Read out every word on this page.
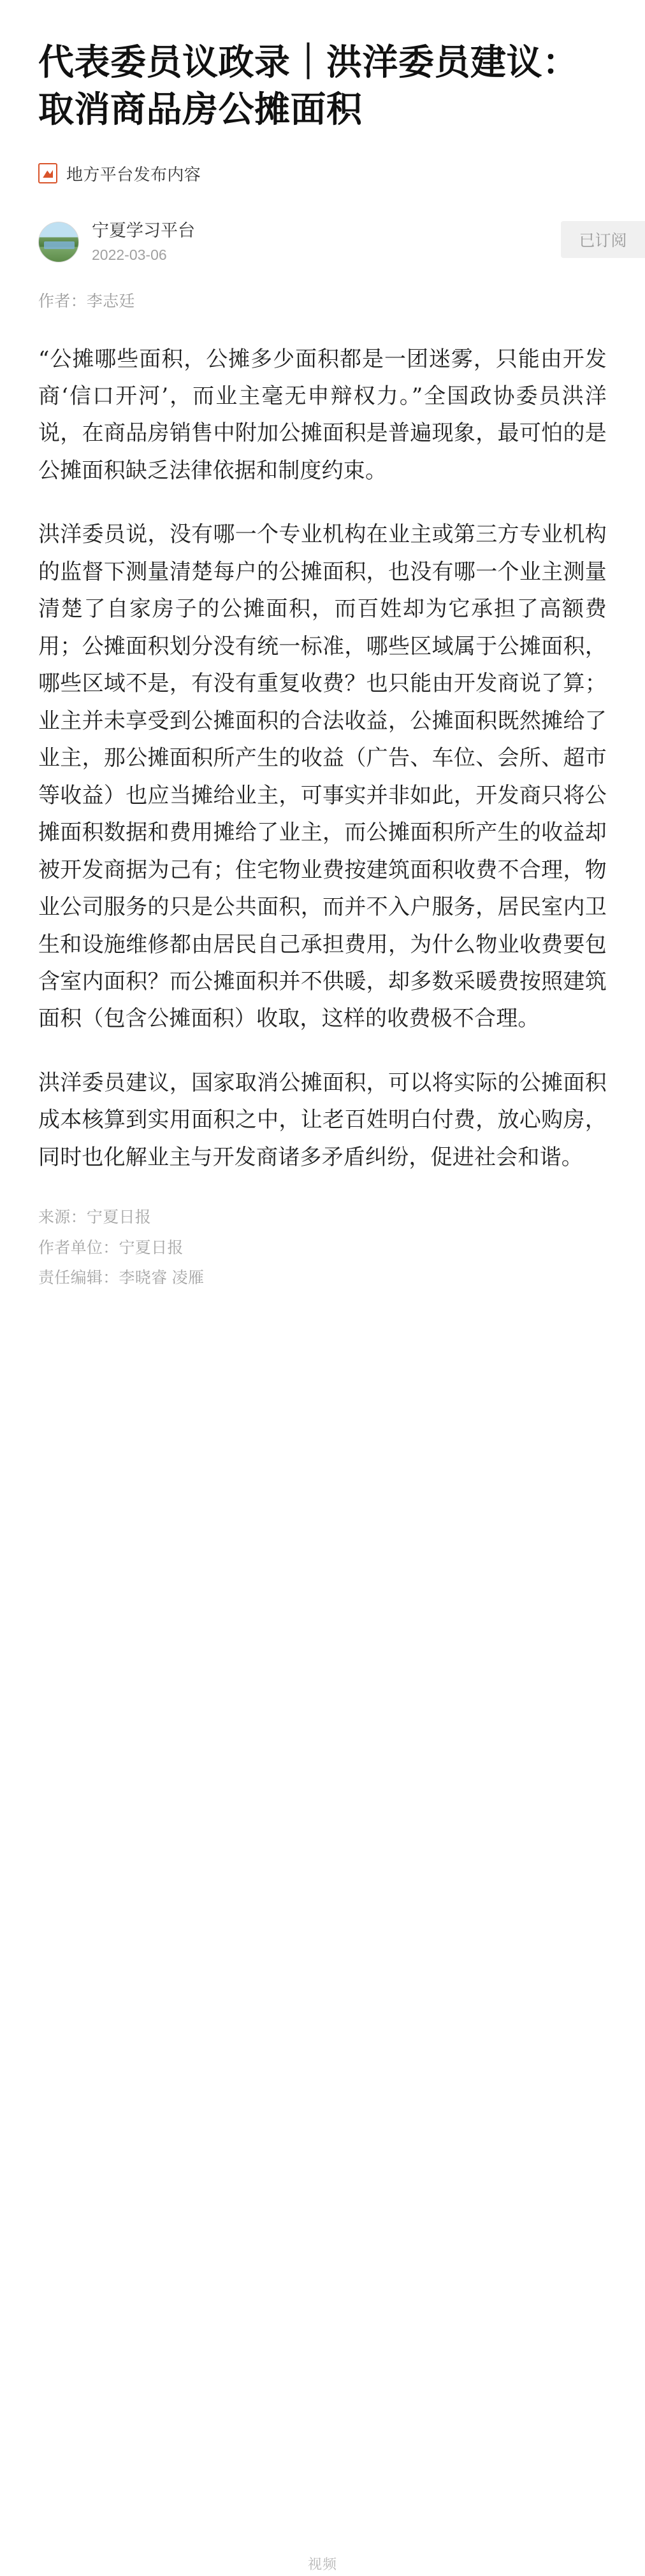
代表委员议政录｜洪洋委员建议：取消商品房公摊面积
地方平台发布内容
宁夏学习平台
2022-03-06
已订阅
作者：李志廷

“公摊哪些面积，公摊多少面积都是一团迷雾，只能由开发商‘信口开河’，而业主毫无申辩权力。”全国政协委员洪洋说，在商品房销售中附加公摊面积是普遍现象，最可怕的是公摊面积缺乏法律依据和制度约束。

洪洋委员说，没有哪一个专业机构在业主或第三方专业机构的监督下测量清楚每户的公摊面积，也没有哪一个业主测量清楚了自家房子的公摊面积，而百姓却为它承担了高额费用；公摊面积划分没有统一标准，哪些区域属于公摊面积，哪些区域不是，有没有重复收费？也只能由开发商说了算；业主并未享受到公摊面积的合法收益，公摊面积既然摊给了业主，那公摊面积所产生的收益（广告、车位、会所、超市等收益）也应当摊给业主，可事实并非如此，开发商只将公摊面积数据和费用摊给了业主，而公摊面积所产生的收益却被开发商据为己有；住宅物业费按建筑面积收费不合理，物业公司服务的只是公共面积，而并不入户服务，居民室内卫生和设施维修都由居民自己承担费用，为什么物业收费要包含室内面积？而公摊面积并不供暖，却多数采暖费按照建筑面积（包含公摊面积）收取，这样的收费极不合理。

洪洋委员建议，国家取消公摊面积，可以将实际的公摊面积成本核算到实用面积之中，让老百姓明白付费，放心购房，同时也化解业主与开发商诸多矛盾纠纷，促进社会和谐。

来源：宁夏日报
作者单位：宁夏日报
责任编辑：李晓睿 凌雁
视频
